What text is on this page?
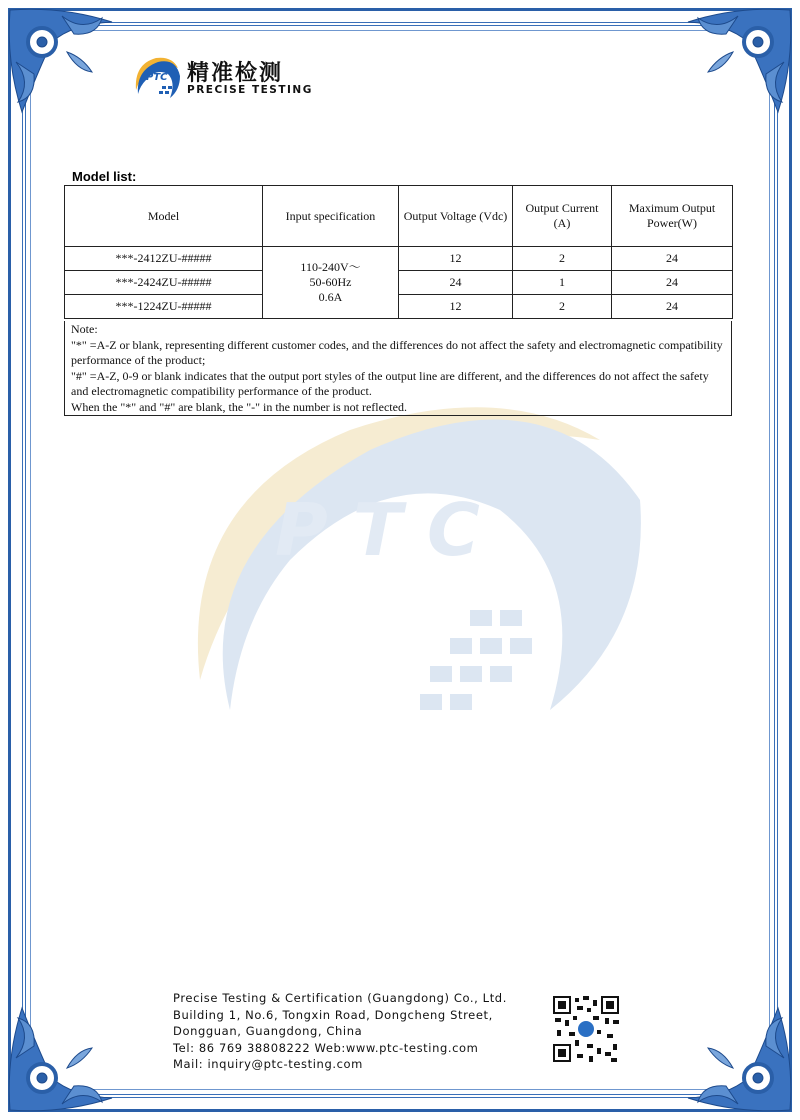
P T C
PTC 精准检测
PRECISE TESTING
Model list:
Model	Input specification	Output Voltage (Vdc)	Output Current (A)	Maximum Output Power(W)
***-2412ZU-#####	110-240V～
50-60Hz
0.6A	12	2	24
***-2424ZU-#####		24	1	24
***-1224ZU-#####		12	2	24
Note:
"*" =A-Z or blank, representing different customer codes, and the differences do not affect the safety and electromagnetic compatibility performance of the product;
"#" =A-Z, 0-9 or blank indicates that the output port styles of the output line are different, and the differences do not affect the safety and electromagnetic compatibility performance of the product.
When the "*" and "#" are blank, the "-" in the number is not reflected.
Precise Testing & Certification (Guangdong) Co., Ltd.
Building 1, No.6, Tongxin Road, Dongcheng Street,
Dongguan, Guangdong, China
Tel: 86 769 38808222 Web:www.ptc-testing.com
Mail: inquiry@ptc-testing.com
